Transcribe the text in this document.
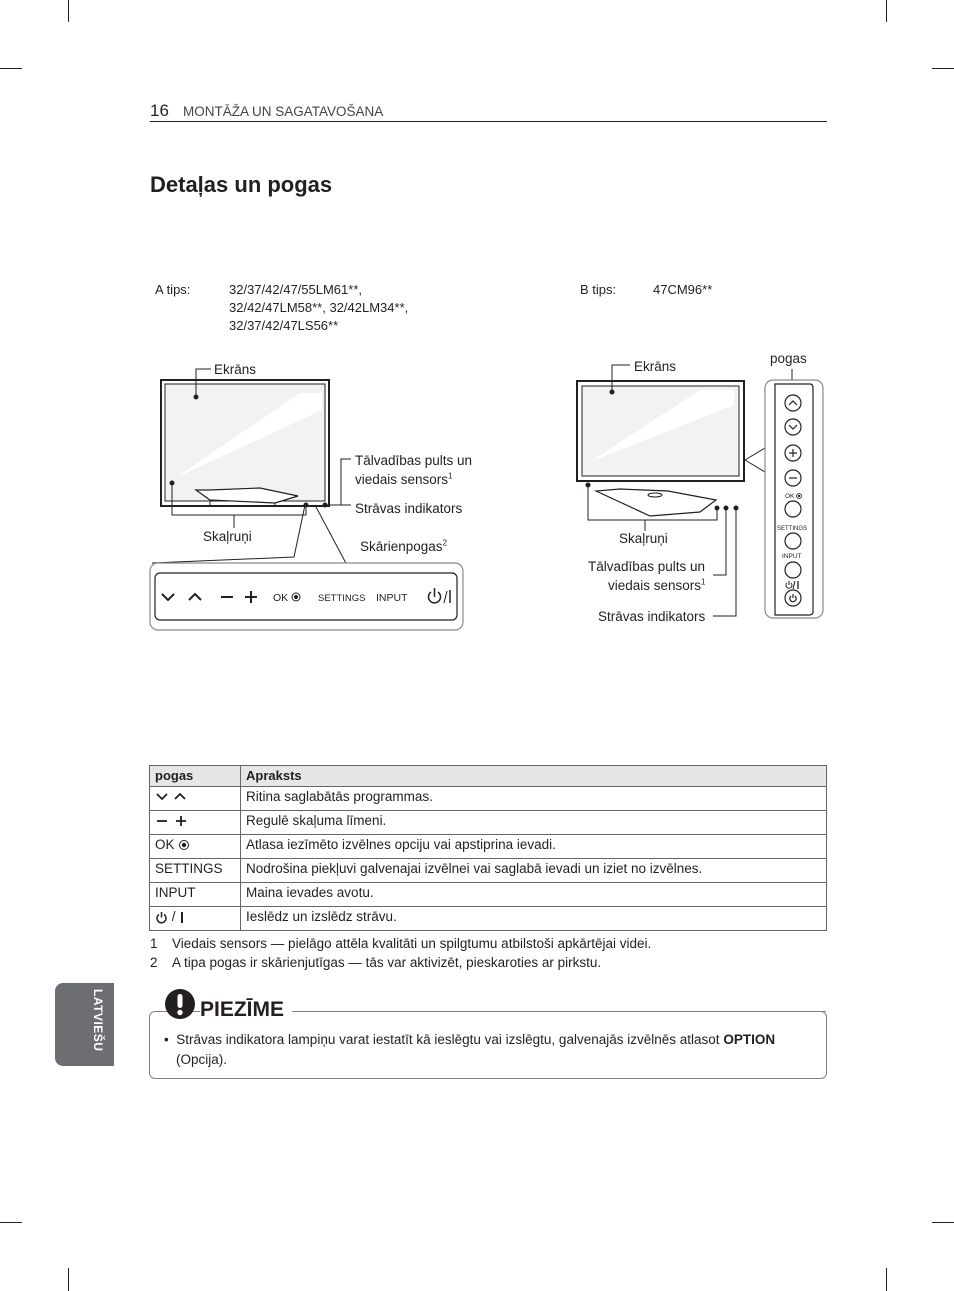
16 MONTĀŽA UN SAGATAVOŠANA
Detaļas un pogas
A tips:	32/37/42/47/55LM61**,
32/42/47LM58**, 32/42LM34**,
32/37/42/47LS56**
B tips:	47CM96**
OK	SETTINGS INPUT
Ekrāns
Tālvadības pults un
viedais sensors$^1$
Strāvas indikators
Skaļruņi
Skārienpogas$^2$
OK
SETTINGS
INPUT
Ekrāns
pogas
Skaļruņi
Tālvadības pults un
viedais sensors$^1$
Strāvas indikators
pogas	Apraksts
	Ritina saglabātās programmas.
	Regulē skaļuma līmeni.
OK	Atlasa iezīmēto izvēlnes opciju vai apstiprina ievadi.
SETTINGS	Nodrošina piekļuvi galvenajai izvēlnei vai saglabā ievadi un iziet no izvēlnes.
INPUT	Maina ievades avotu.
/	Ieslēdz un izslēdz strāvu.
1 Viedais sensors — pielāgo attēla kvalitāti un spilgtumu atbilstoši apkārtējai videi.
2 A tipa pogas ir skārienjutīgas — tās var aktivizēt, pieskaroties ar pirkstu.
LATVIEŠU	PIEZĪME
• Strāvas indikatora lampiņu varat iestatīt kā ieslēgtu vai izslēgtu, galvenajās izvēlnēs atlasot OPTION
(Opcija).
